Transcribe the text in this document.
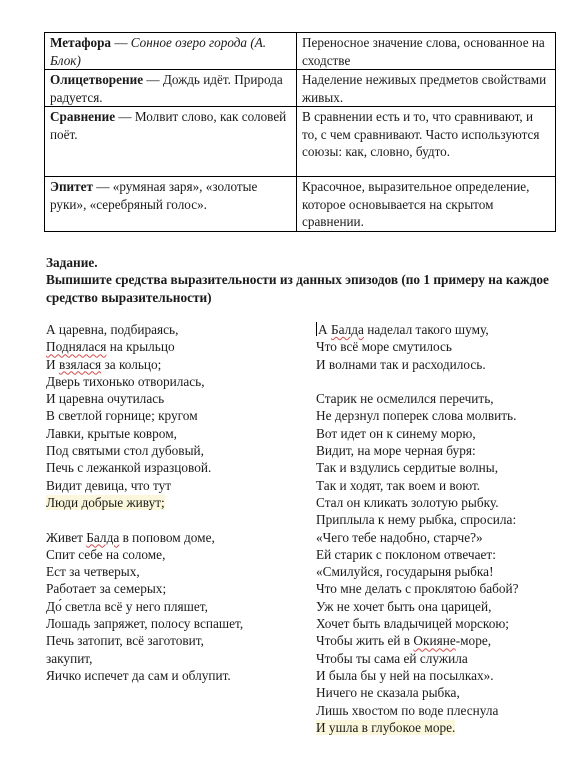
Метафора — Сонное озеро города (А. Блок)	Переносное значение слова, основанное на сходстве
Олицетворение — Дождь идёт. Природа радуется.	Наделение неживых предметов свойствами живых.
Сравнение — Молвит слово, как соловей поёт.	В сравнении есть и то, что сравнивают, и то, с чем сравнивают. Часто используются союзы: как, словно, будто.
Эпитет — «румяная заря», «золотые руки», «серебряный голос».	Красочное, выразительное определение, которое основывается на скрытом сравнении.
Задание.
Выпишите средства выразительности из данных эпизодов (по 1 примеру на каждое средство выразительности)
А царевна, подбираясь,
Поднялася на крыльцо
И взялася за кольцо;
Дверь тихонько отворилась,
И царевна очутилась
В светлой горнице; кругом
Лавки, крытые ковром,
Под святыми стол дубовый,
Печь с лежанкой изразцовой.
Видит девица, что тут
Люди добрые живут;
Живет Балда в поповом доме,
Спит себе на соломе,
Ест за четверых,
Работает за семерых;
До́ светла всё у него пляшет,
Лошадь запряжет, полосу вспашет,
Печь затопит, всё заготовит,
закупит,
Яичко испечет да сам и облупит.
А Балда наделал такого шуму,
Что всё море смутилось
И волнами так и расходилось.
Старик не осмелился перечить,
Не дерзнул поперек слова молвить.
Вот идет он к синему морю,
Видит, на море черная буря:
Так и вздулись сердитые волны,
Так и ходят, так воем и воют.
Стал он кликать золотую рыбку.
Приплыла к нему рыбка, спросила:
«Чего тебе надобно, старче?»
Ей старик с поклоном отвечает:
«Смилуйся, государыня рыбка!
Что мне делать с проклятою бабой?
Уж не хочет быть она царицей,
Хочет быть владычицей морскою;
Чтобы жить ей в Окияне-море,
Чтобы ты сама ей служила
И была бы у ней на посылках».
Ничего не сказала рыбка,
Лишь хвостом по воде плеснула
И ушла в глубокое море.
